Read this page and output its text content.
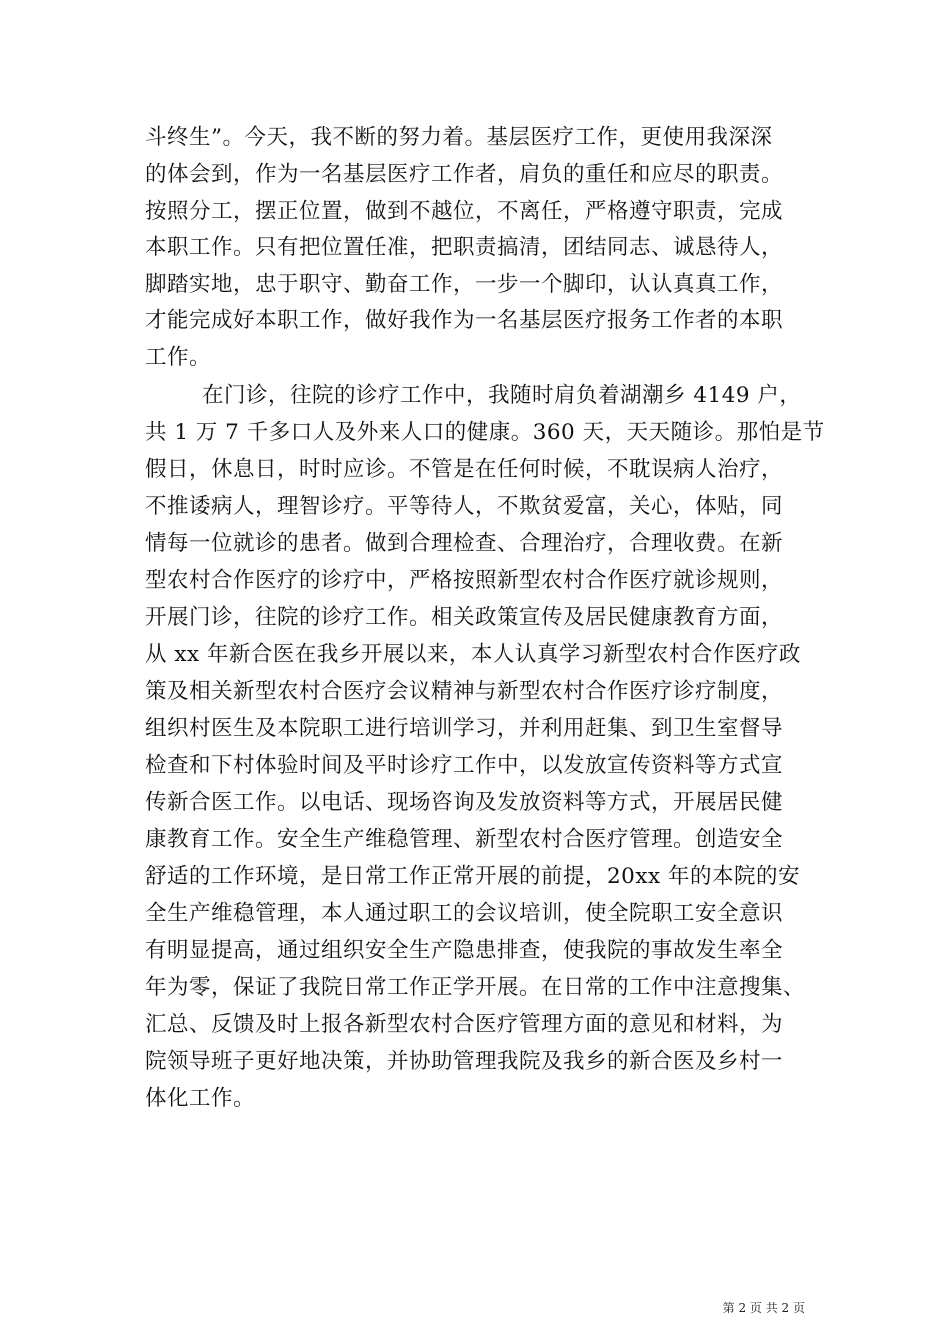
斗终生”。今天，我不断的努力着。基层医疗工作，更使用我深深
的体会到，作为一名基层医疗工作者，肩负的重任和应尽的职责。
按照分工，摆正位置，做到不越位，不离任，严格遵守职责，完成
本职工作。只有把位置任准，把职责搞清，团结同志、诚恳待人，
脚踏实地，忠于职守、勤奋工作，一步一个脚印，认认真真工作，
才能完成好本职工作，做好我作为一名基层医疗报务工作者的本职
工作。
在门诊，往院的诊疗工作中，我随时肩负着湖潮乡 4149 户，
共 1 万 7 千多口人及外来人口的健康。360 天，天天随诊。那怕是节
假日，休息日，时时应诊。不管是在任何时候，不耽误病人治疗，
不推诿病人，理智诊疗。平等待人，不欺贫爱富，关心，体贴，同
情每一位就诊的患者。做到合理检查、合理治疗，合理收费。在新
型农村合作医疗的诊疗中，严格按照新型农村合作医疗就诊规则，
开展门诊，往院的诊疗工作。相关政策宣传及居民健康教育方面，
从 xx 年新合医在我乡开展以来，本人认真学习新型农村合作医疗政
策及相关新型农村合医疗会议精神与新型农村合作医疗诊疗制度，
组织村医生及本院职工进行培训学习，并利用赶集、到卫生室督导
检查和下村体验时间及平时诊疗工作中，以发放宣传资料等方式宣
传新合医工作。以电话、现场咨询及发放资料等方式，开展居民健
康教育工作。安全生产维稳管理、新型农村合医疗管理。创造安全
舒适的工作环境，是日常工作正常开展的前提，20xx 年的本院的安
全生产维稳管理，本人通过职工的会议培训，使全院职工安全意识
有明显提高，通过组织安全生产隐患排查，使我院的事故发生率全
年为零，保证了我院日常工作正学开展。在日常的工作中注意搜集、
汇总、反馈及时上报各新型农村合医疗管理方面的意见和材料，为
院领导班子更好地决策，并协助管理我院及我乡的新合医及乡村一
体化工作。
第 2 页 共 2 页
